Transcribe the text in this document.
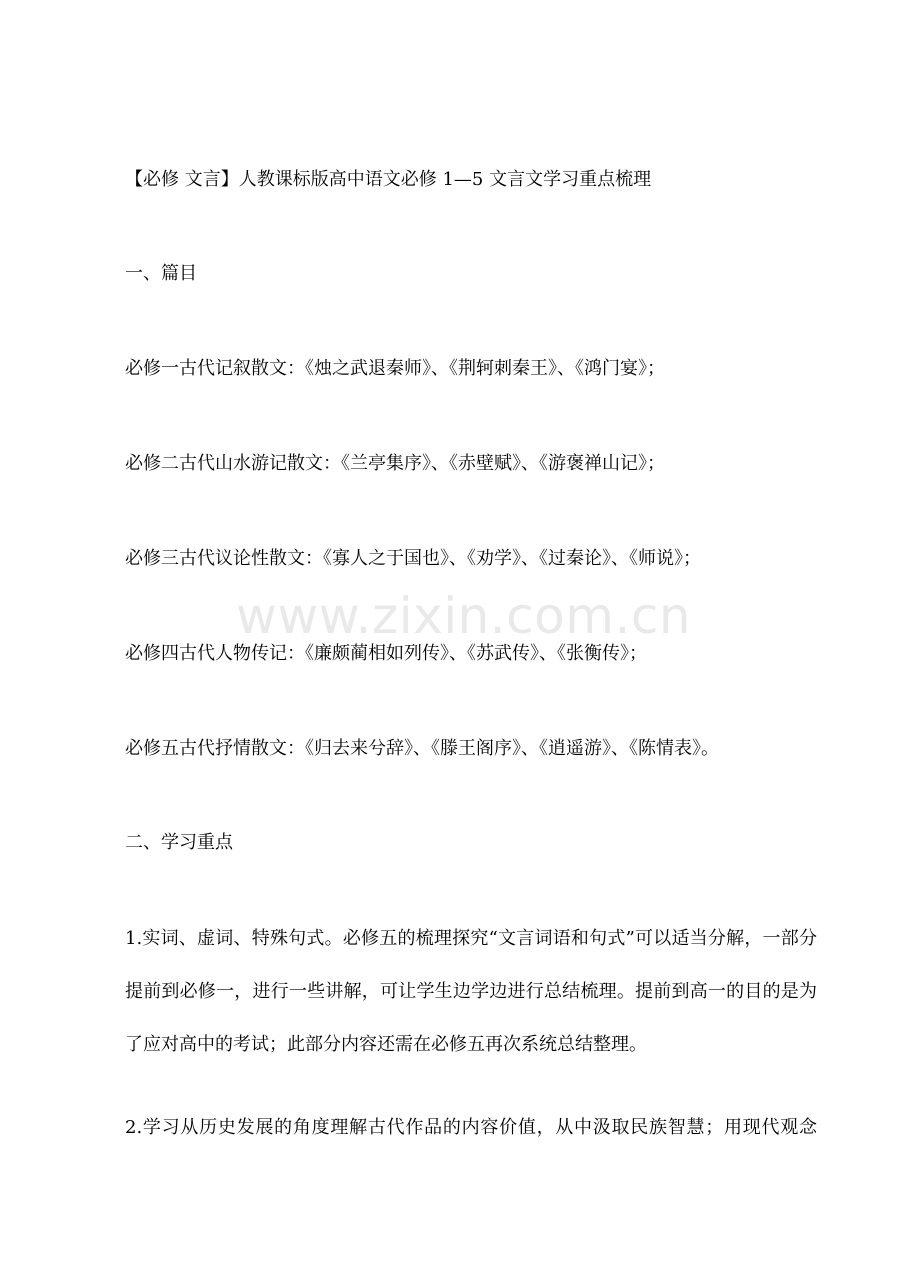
www.zixin.com.cn

【必修 文言】人教课标版高中语文必修 1—5 文言文学习重点梳理

一、篇目

必修一古代记叙散文：《烛之武退秦师》、《荆轲刺秦王》、《鸿门宴》；

必修二古代山水游记散文：《兰亭集序》、《赤壁赋》、《游褒禅山记》；

必修三古代议论性散文：《寡人之于国也》、《劝学》、《过秦论》、《师说》；

必修四古代人物传记：《廉颇蔺相如列传》、《苏武传》、《张衡传》；

必修五古代抒情散文：《归去来兮辞》、《滕王阁序》、《逍遥游》、《陈情表》。

二、学习重点

1.实词、虚词、特殊句式。必修五的梳理探究“文言词语和句式”可以适当分解，一部分提前到必修一，进行一些讲解，可让学生边学边进行总结梳理。提前到高一的目的是为了应对高中的考试；此部分内容还需在必修五再次系统总结整理。

2.学习从历史发展的角度理解古代作品的内容价值，从中汲取民族智慧；用现代观念
